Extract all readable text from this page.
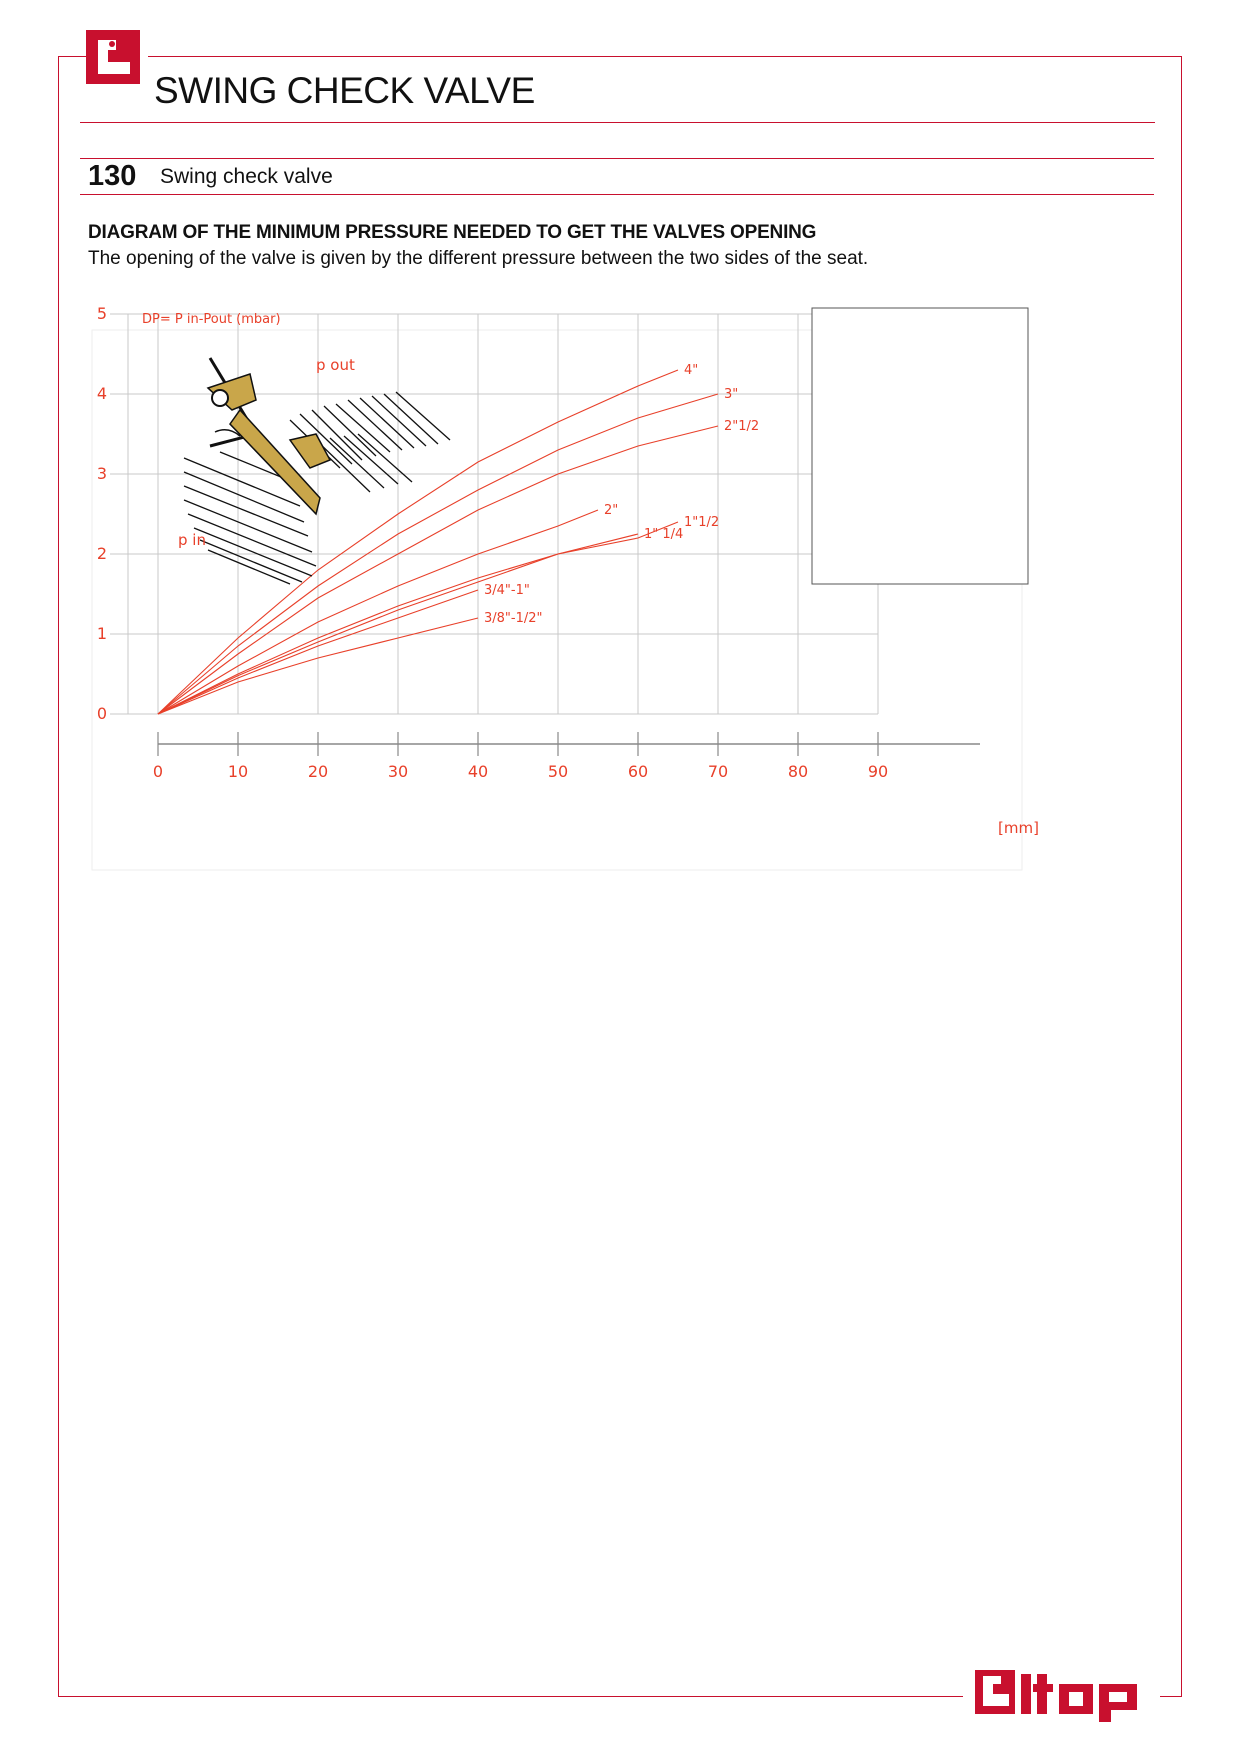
SWING CHECK VALVE
130 Swing check valve
DIAGRAM OF THE MINIMUM PRESSURE NEEDED TO GET THE VALVES OPENING
The opening of the valve is given by the different pressure between the two sides of the seat.
4"
3"
2"1/2
2"
1"1/2
1" 1/4
3/4"-1"
3/8"-1/2"
0	10	20	30	40	50	60	70	80	90
0
1
2
3
4
5	DP= P in-Pout (mbar)
[mm]
p out
p in
